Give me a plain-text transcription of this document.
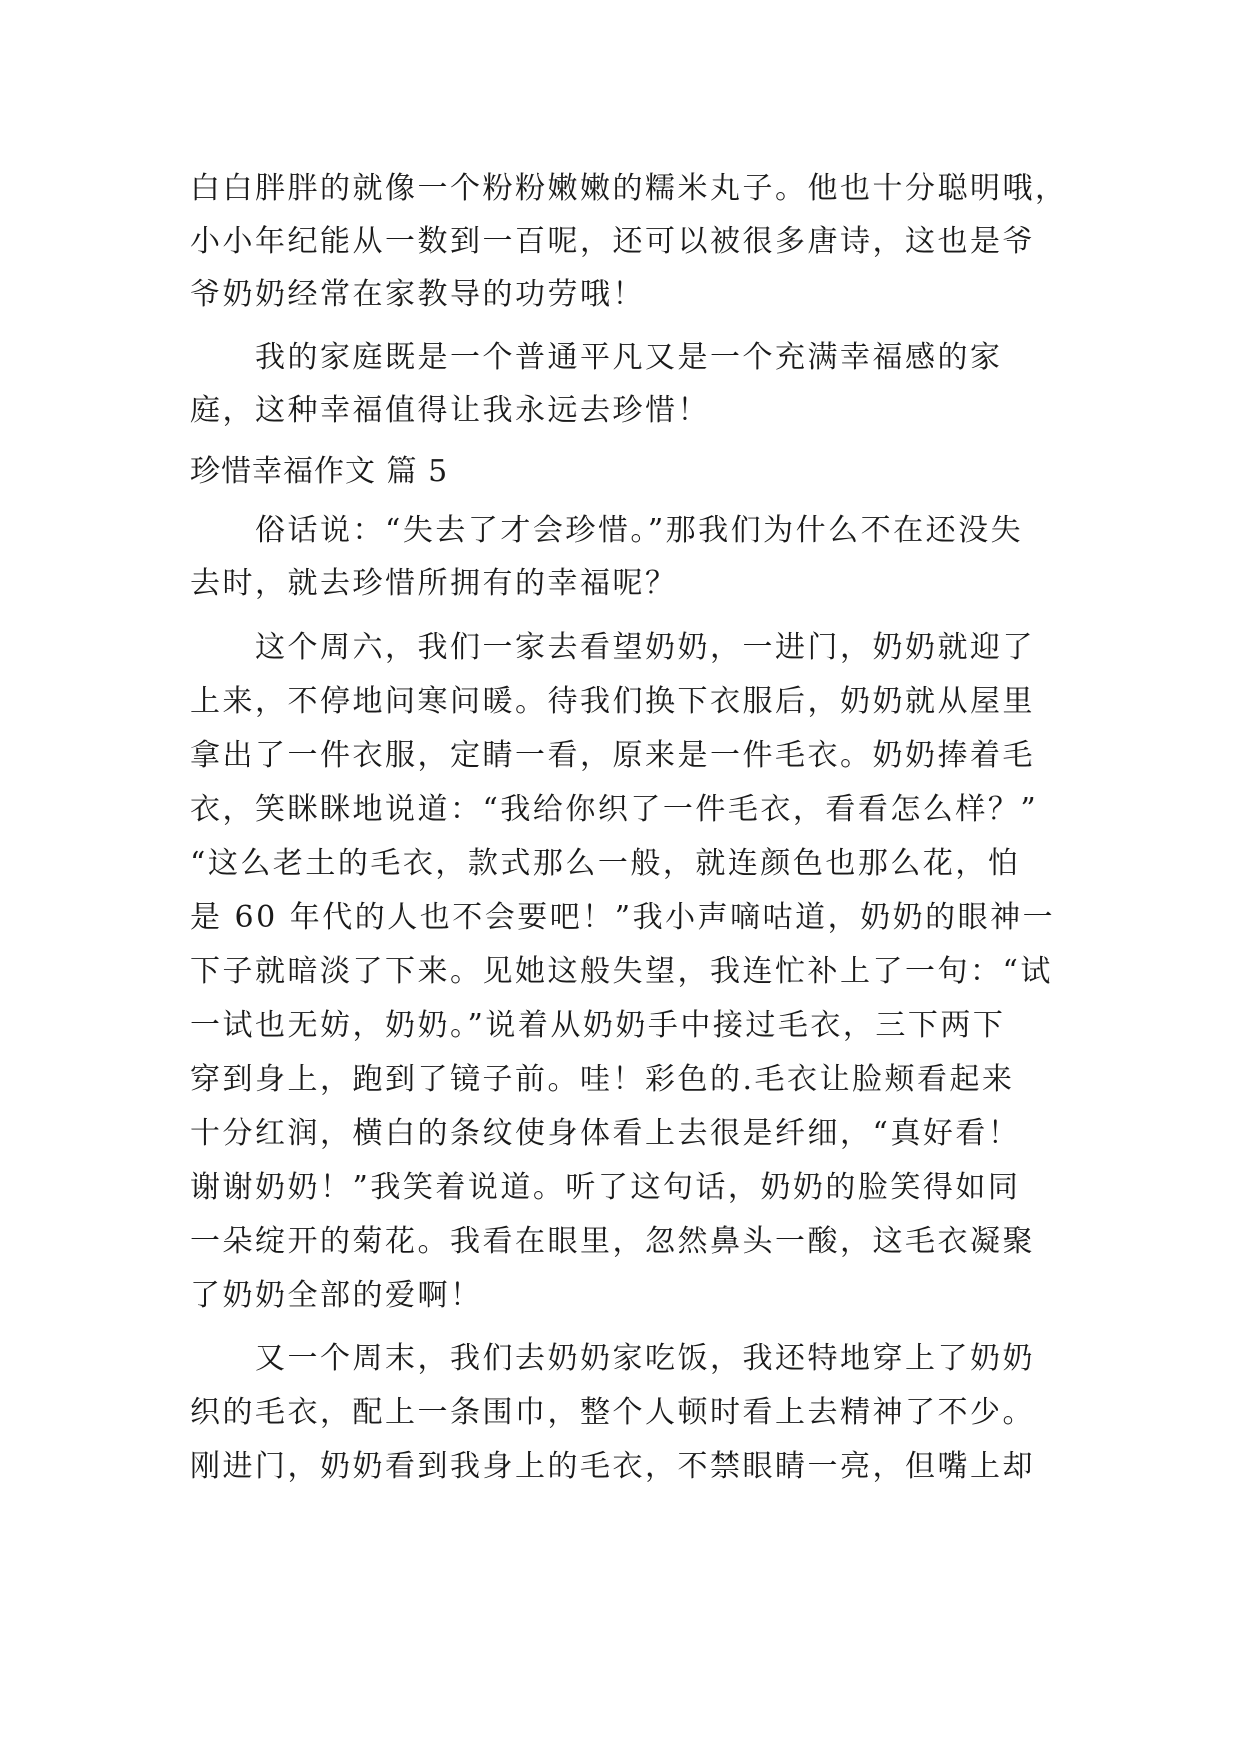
白白胖胖的就像一个粉粉嫩嫩的糯米丸子。他也十分聪明哦，
小小年纪能从一数到一百呢，还可以被很多唐诗，这也是爷
爷奶奶经常在家教导的功劳哦！
　　我的家庭既是一个普通平凡又是一个充满幸福感的家
庭，这种幸福值得让我永远去珍惜！
珍惜幸福作文 篇 5
　　俗话说：“失去了才会珍惜。”那我们为什么不在还没失
去时，就去珍惜所拥有的幸福呢？
　　这个周六，我们一家去看望奶奶，一进门，奶奶就迎了
上来，不停地问寒问暖。待我们换下衣服后，奶奶就从屋里
拿出了一件衣服，定睛一看，原来是一件毛衣。奶奶捧着毛
衣，笑眯眯地说道：“我给你织了一件毛衣，看看怎么样？”
“这么老土的毛衣，款式那么一般，就连颜色也那么花，怕
是 60 年代的人也不会要吧！”我小声嘀咕道，奶奶的眼神一
下子就暗淡了下来。见她这般失望，我连忙补上了一句：“试
一试也无妨，奶奶。”说着从奶奶手中接过毛衣，三下两下
穿到身上，跑到了镜子前。哇！彩色的.毛衣让脸颊看起来
十分红润，横白的条纹使身体看上去很是纤细，“真好看！
谢谢奶奶！”我笑着说道。听了这句话，奶奶的脸笑得如同
一朵绽开的菊花。我看在眼里，忽然鼻头一酸，这毛衣凝聚
了奶奶全部的爱啊！
　　又一个周末，我们去奶奶家吃饭，我还特地穿上了奶奶
织的毛衣，配上一条围巾，整个人顿时看上去精神了不少。
刚进门，奶奶看到我身上的毛衣，不禁眼睛一亮，但嘴上却
